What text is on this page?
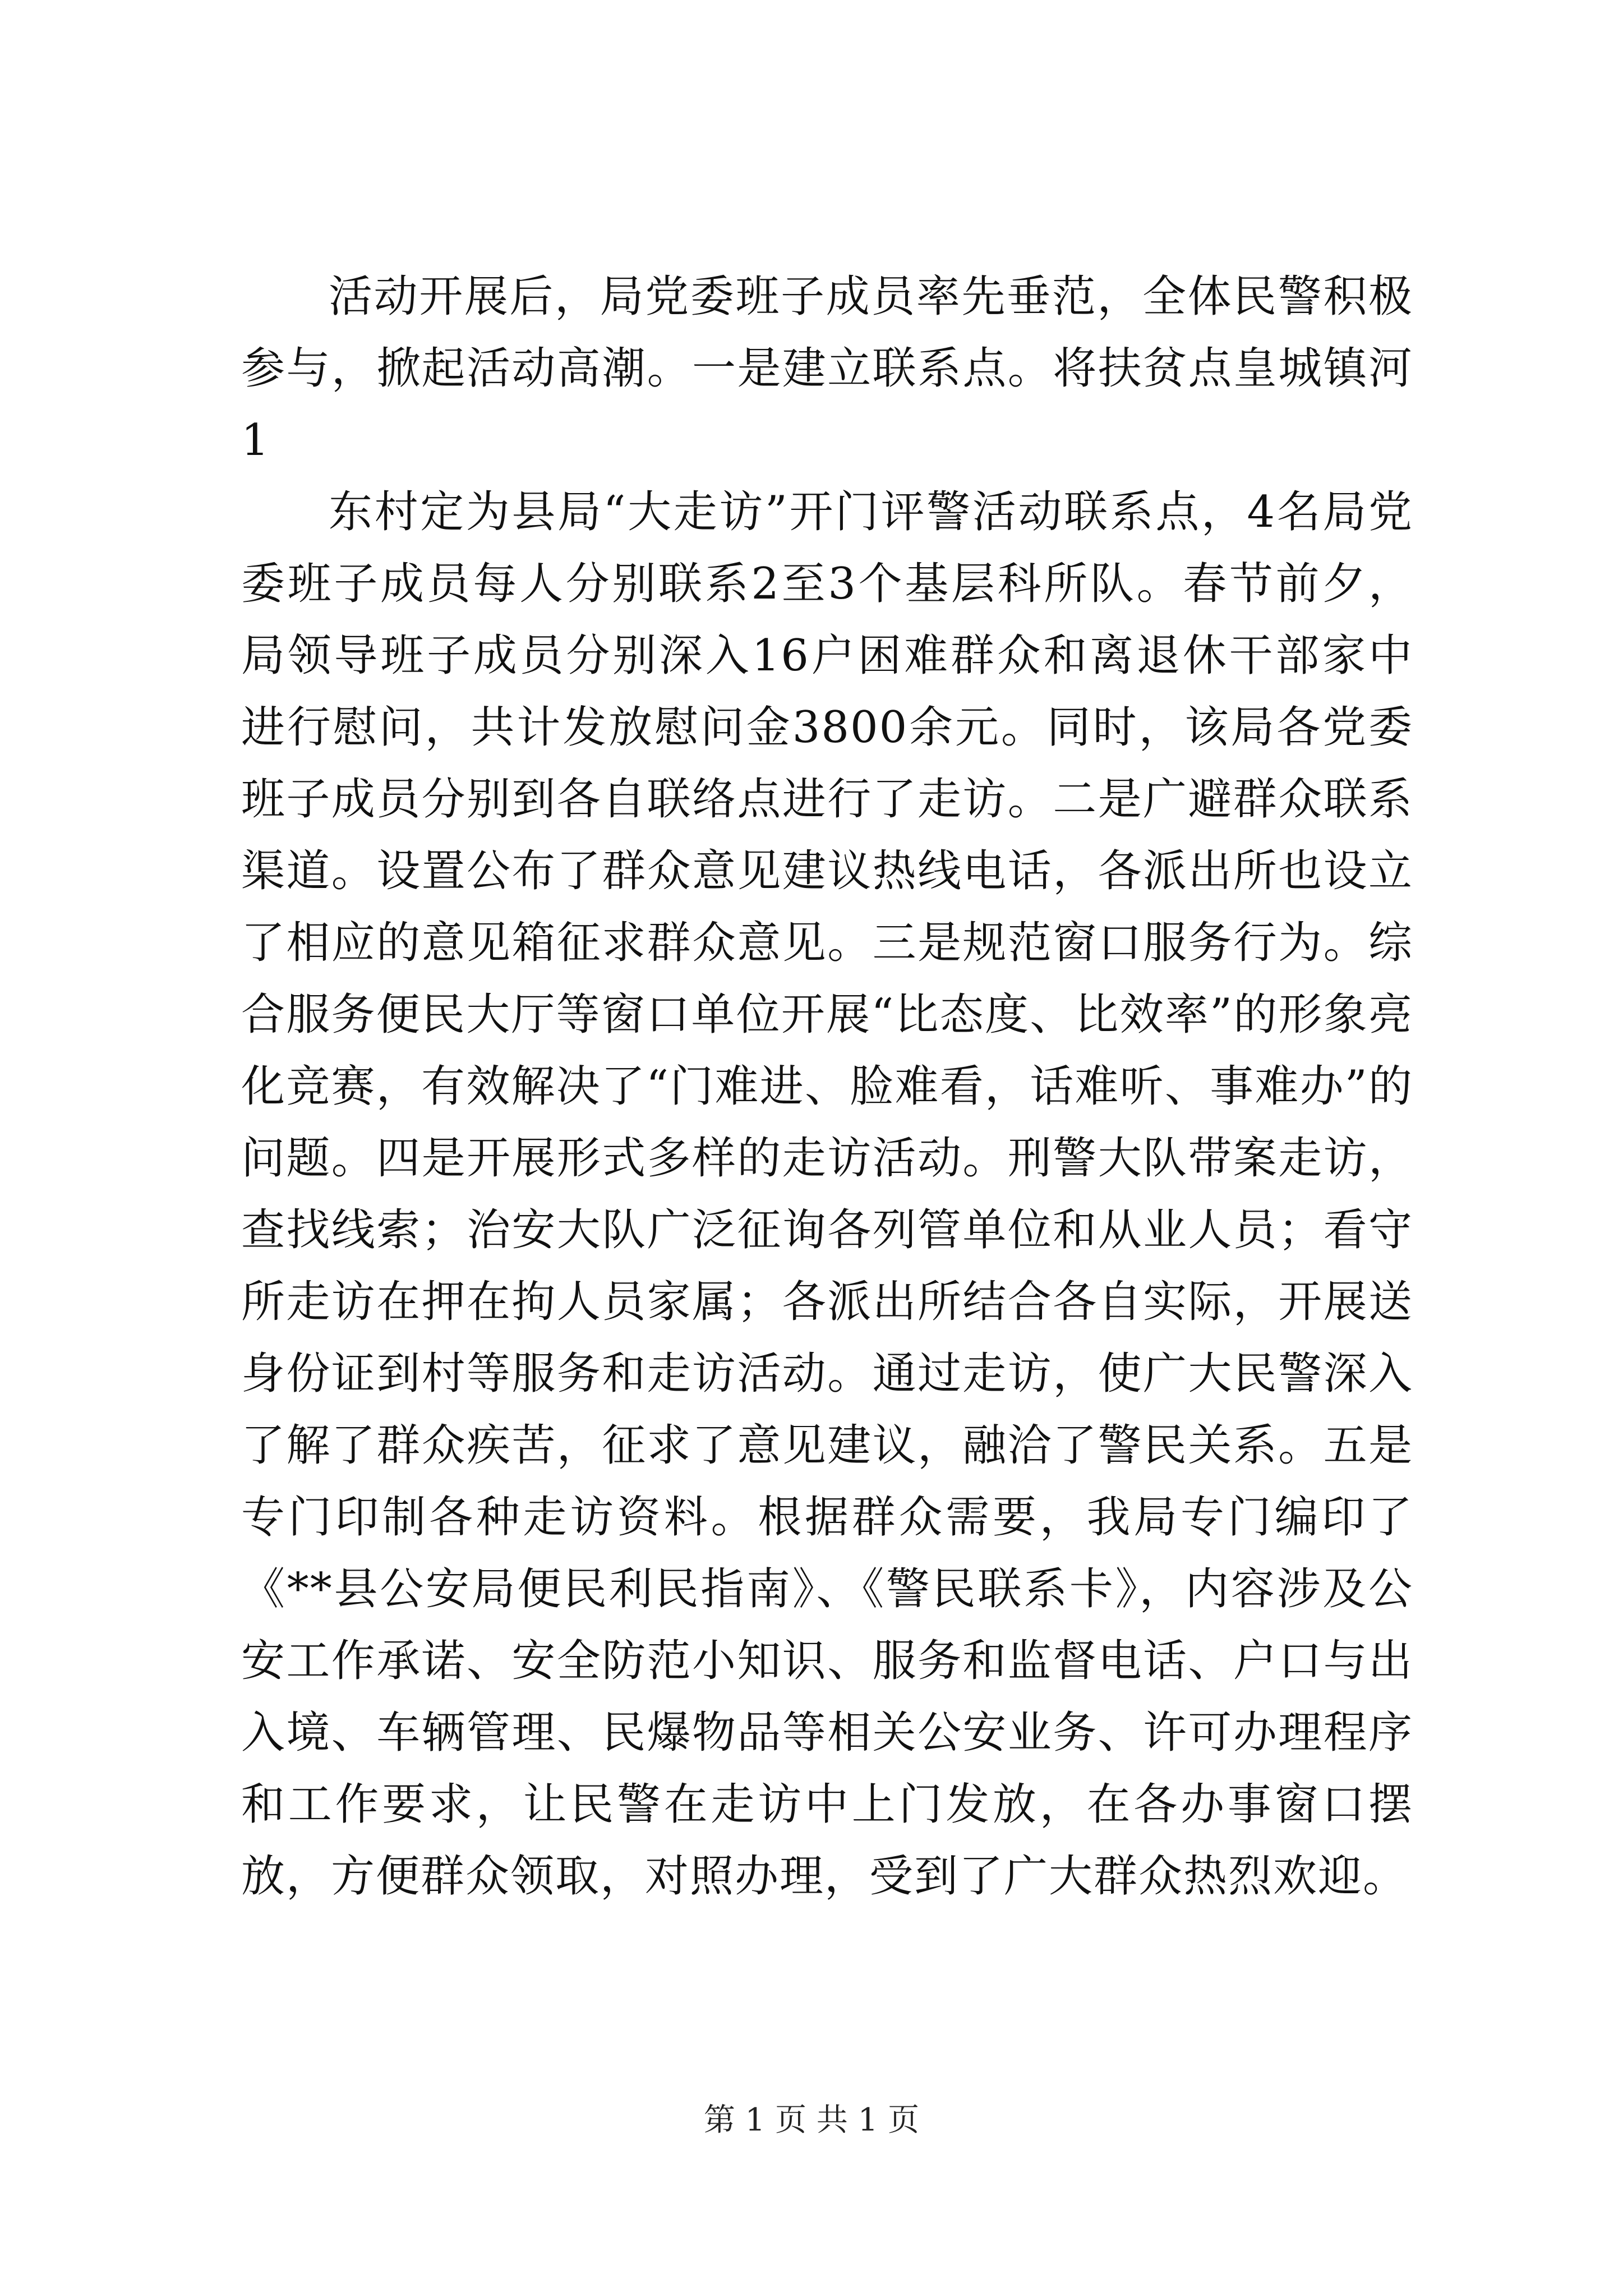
活动开展后，局党委班子成员率先垂范，全体民警积极参与，掀起活动高潮。一是建立联系点。将扶贫点皇城镇河1

东村定为县局“大走访”开门评警活动联系点，4名局党委班子成员每人分别联系2至3个基层科所队。春节前夕，局领导班子成员分别深入16户困难群众和离退休干部家中进行慰问，共计发放慰问金3800余元。同时，该局各党委班子成员分别到各自联络点进行了走访。二是广避群众联系渠道。设置公布了群众意见建议热线电话，各派出所也设立了相应的意见箱征求群众意见。三是规范窗口服务行为。综合服务便民大厅等窗口单位开展“比态度、比效率”的形象亮化竞赛，有效解决了“门难进、脸难看，话难听、事难办”的问题。四是开展形式多样的走访活动。刑警大队带案走访，查找线索；治安大队广泛征询各列管单位和从业人员；看守所走访在押在拘人员家属；各派出所结合各自实际，开展送身份证到村等服务和走访活动。通过走访，使广大民警深入了解了群众疾苦，征求了意见建议，融洽了警民关系。五是专门印制各种走访资料。根据群众需要，我局专门编印了《**县公安局便民利民指南》、《警民联系卡》，内容涉及公安工作承诺、安全防范小知识、服务和监督电话、户口与出入境、车辆管理、民爆物品等相关公安业务、许可办理程序和工作要求，让民警在走访中上门发放，在各办事窗口摆放，方便群众领取，对照办理，受到了广大群众热烈欢迎。

第 1 页 共 1 页
